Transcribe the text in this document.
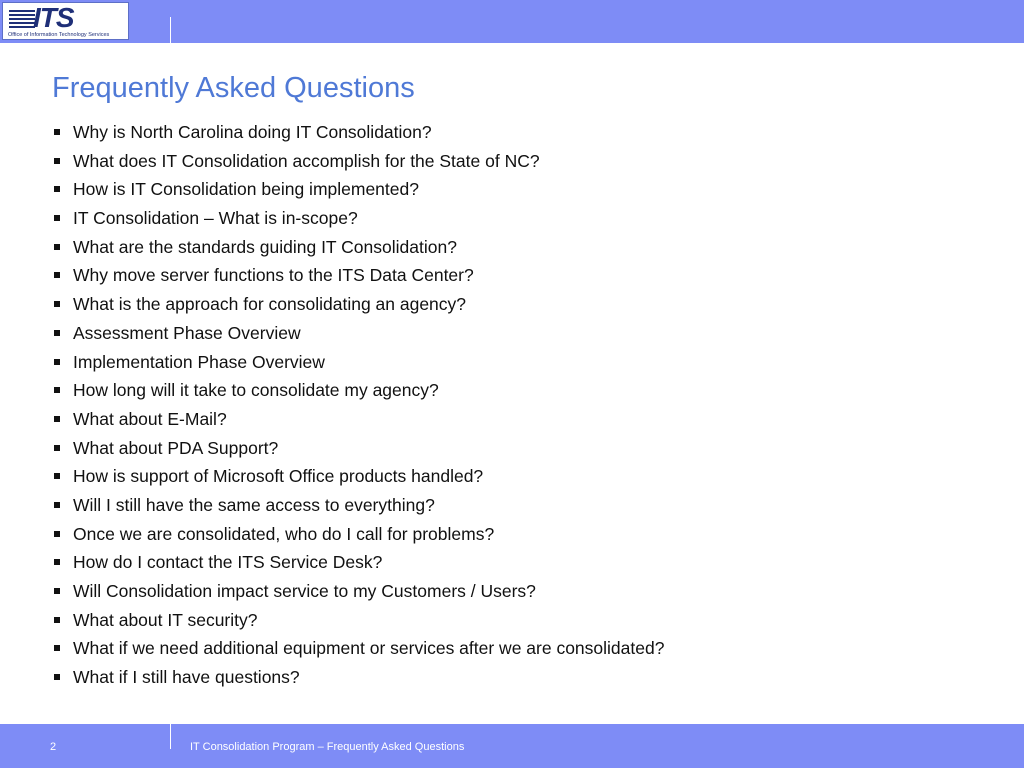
ITS
Office of Information Technology Services
Frequently Asked Questions
Why is North Carolina doing IT Consolidation?
What does IT Consolidation accomplish for the State of NC?
How is IT Consolidation being implemented?
IT Consolidation – What is in-scope?
What are the standards guiding IT Consolidation?
Why move server functions to the ITS Data Center?
What is the approach for consolidating an agency?
Assessment Phase Overview
Implementation Phase Overview
How long will it take to consolidate my agency?
What about E-Mail?
What about PDA Support?
How is support of Microsoft Office products handled?
Will I still have the same access to everything?
Once we are consolidated, who do I call for problems?
How do I contact the ITS Service Desk?
Will Consolidation impact service to my Customers / Users?
What about IT security?
What if we need additional equipment or services after we are consolidated?
What if I still have questions?
2	IT Consolidation Program – Frequently Asked Questions
